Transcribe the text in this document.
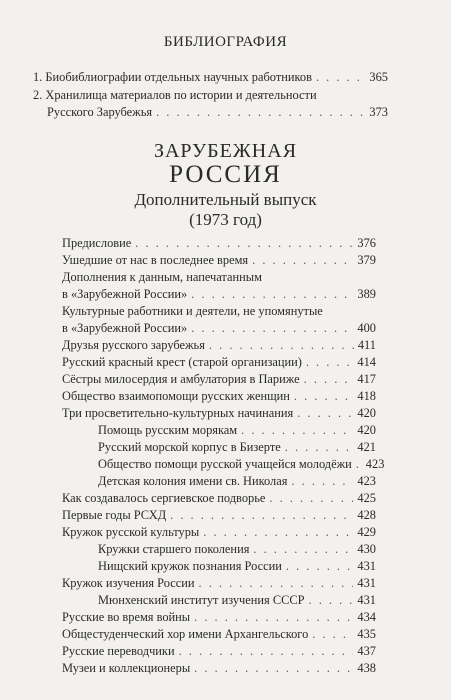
БИБЛИОГРАФИЯ
1. Биобиблиографии отдельных научных работников . . .	365
2. Хранилища материалов по истории и деятельности
Русского Зарубежья . . .	373
ЗАРУБЕЖНАЯ
РОССИЯ
Дополнительный выпуск
(1973 год)
Предисловие . . .	376
Ушедшие от нас в последнее время . . .	379
Дополнения к данным, напечатанным
в «Зарубежной России» . . .	389
Культурные работники и деятели, не упомянутые
в «Зарубежной России» . . .	400
Друзья русского зарубежья . . .	411
Русский красный крест (старой организации) . . .	414
Сёстры милосердия и амбулатория в Париже . . .	417
Общество взаимопомощи русских женщин . . .	418
Три просветительно-культурных начинания . . .	420
Помощь русским морякам . . .	420
Русский морской корпус в Бизерте . . .	421
Общество помощи русской учащейся молодёжи . . . 423
Детская колония имени св. Николая . . .	423
Как создавалось сергиевское подворье . . .	425
Первые годы РСХД . . .	428
Кружок русской культуры . . .	429
Кружки старшего поколения . . .	430
Нищский кружок познания России . . .	431
Кружок изучения России . . .	431
Мюнхенский институт изучения СССР . . .	431
Русские во время войны . . .	434
Общестуденческий хор имени Архангельского . . .	435
Русские переводчики . . .	437
Музеи и коллекционеры . . .	438
